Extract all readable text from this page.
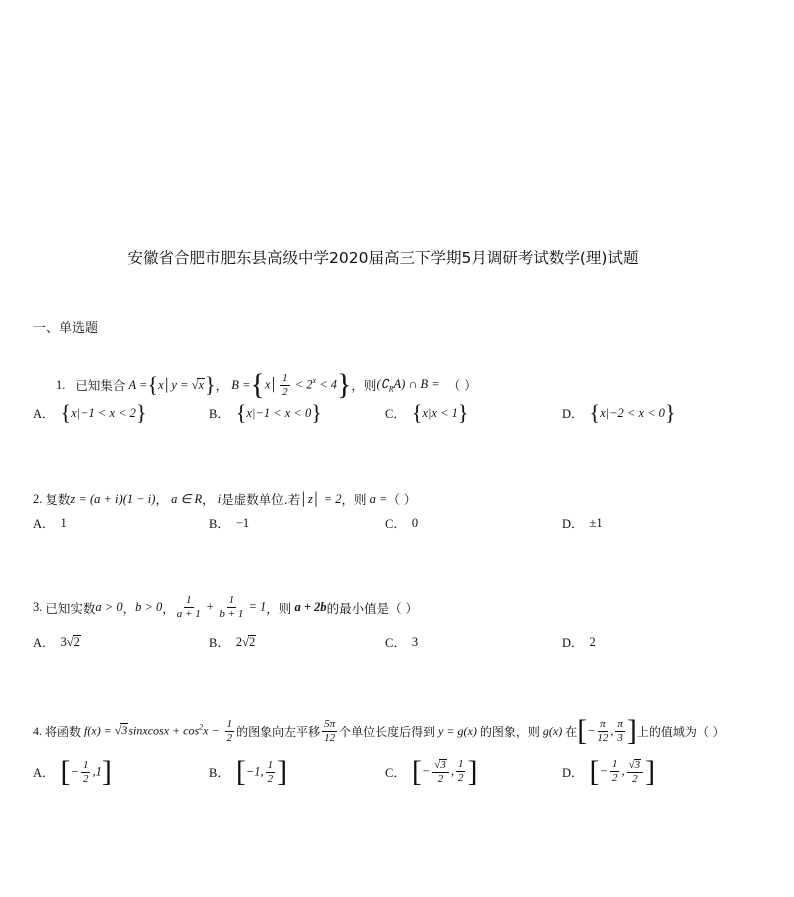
安徽省合肥市肥东县高级中学2020届高三下学期5月调研考试数学(理)试题
一、单选题
1. 已知集合 A = { x│y = √x } ， B = { x│ $\frac{1}{2} < 2^x < 4$ } ，则 $(∁_RA)$ ∩ B = （ ）
A． { x|−1 < x < 2 }	B． { x|−1 < x < 0 }	C． { x|x < 1 }	D． { x|−2 < x < 0 }
2. 复数 z = (a + i)(1 − i) ， a ∈ R ， i 是虚数单位.若 │z│ = 2 ，则 a = （ ）
A． 1	B． −1	C． 0	D． ±1
3. 已知实数 a > 0 ， b > 0 ， $\frac{1}{a + 1} + \frac{1}{b + 1} = 1$ ，则 a + 2b 的最小值是（ ）
A． 3 √ 2	B． 2 √ 2	C． 3	D． 2
4. 将函数 f(x) = √3sinxcosx + $\cos^2x - \frac{1}{2}$ 的图象向左平移 $\frac{5\pi}{12}$ 个单位长度后得到 y = g(x) 的图象，则 g(x) 在 [ − $\frac{\pi}{12}$ , $\frac{\pi}{3}$ ] 上的值域为（ ）
A． [ − $\frac{1}{2} ,1$ ]	B． [ −1, $\frac{1}{2}$ ]	C． [ − $\frac{√3}{2}$ , $\frac{1}{2}$ ]	D． [ − $\frac{1}{2}$ , $\frac{√3}{2}$ ]
